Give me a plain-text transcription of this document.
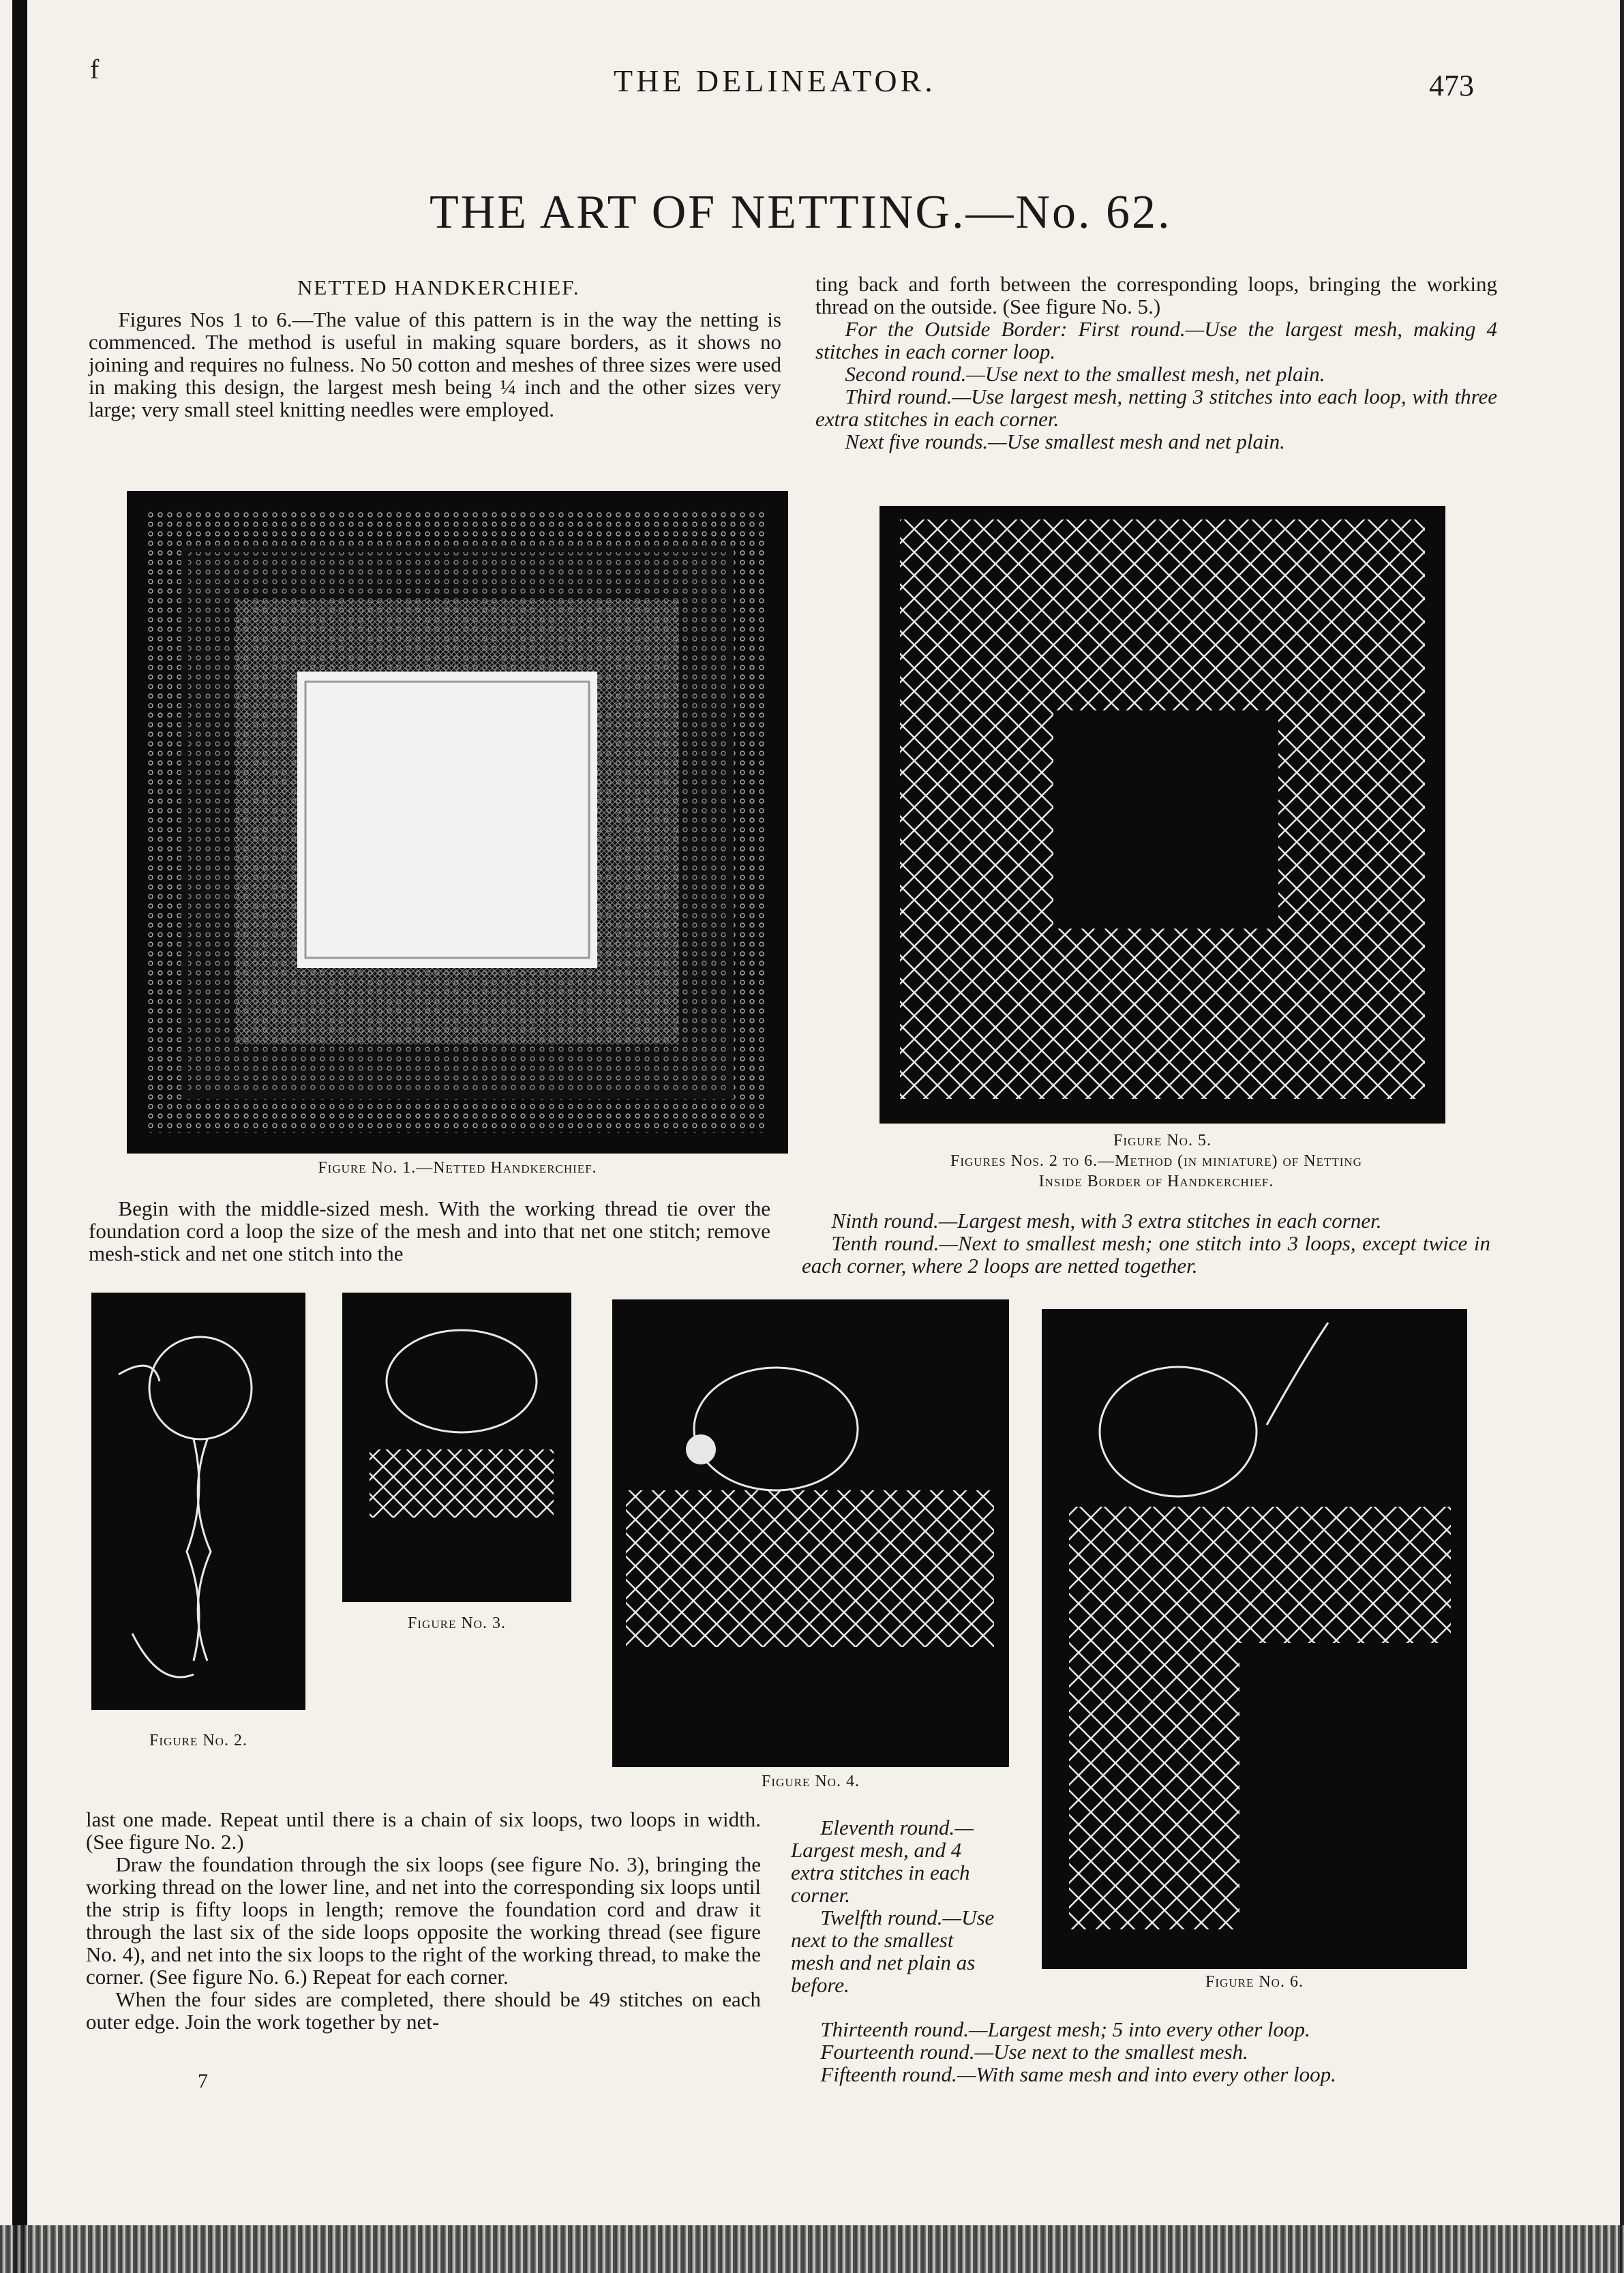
f	THE DELINEATOR.	473
THE ART OF NETTING.—No. 62.
NETTED HANDKERCHIEF.

Figures Nos 1 to 6.—The value of this pattern is in the way the netting is commenced. The method is useful in making square borders, as it shows no joining and requires no fulness. No 50 cotton and meshes of three sizes were used in making this design, the largest mesh being ¼ inch and the other sizes very large; very small steel knitting needles were employed.

ting back and forth between the corresponding loops, bringing the working thread on the outside. (See figure No. 5.)

For the Outside Border: First round.—Use the largest mesh, making 4 stitches in each corner loop.

Second round.—Use next to the smallest mesh, net plain.

Third round.—Use largest mesh, netting 3 stitches into each loop, with three extra stitches in each corner.

Next five rounds.—Use smallest mesh and net plain.

Figure No. 1.—Netted Handkerchief.
Figure No. 5.
Figures Nos. 2 to 6.—Method (in miniature) of Netting
Inside Border of Handkerchief.

Begin with the middle-sized mesh. With the working thread tie over the foundation cord a loop the size of the mesh and into that net one stitch; remove mesh-stick and net one stitch into the

Ninth round.—Largest mesh, with 3 extra stitches in each corner.

Tenth round.—Next to smallest mesh; one stitch into 3 loops, except twice in each corner, where 2 loops are netted together.

Figure No. 2.
Figure No. 3.
Figure No. 4.
Figure No. 6.

last one made. Repeat until there is a chain of six loops, two loops in width. (See figure No. 2.)

Draw the foundation through the six loops (see figure No. 3), bringing the working thread on the lower line, and net into the corresponding six loops until the strip is fifty loops in length; remove the foundation cord and draw it through the last six of the side loops opposite the working thread (see figure No. 4), and net into the six loops to the right of the working thread, to make the corner. (See figure No. 6.) Repeat for each corner.

When the four sides are completed, there should be 49 stitches on each outer edge. Join the work together by net-

7

Eleventh round.—Largest mesh, and 4 extra stitches in each corner.

Twelfth round.—Use next to the smallest mesh and net plain as before.

Thirteenth round.—Largest mesh; 5 into every other loop.

Fourteenth round.—Use next to the smallest mesh.

Fifteenth round.—With same mesh and into every other loop.
